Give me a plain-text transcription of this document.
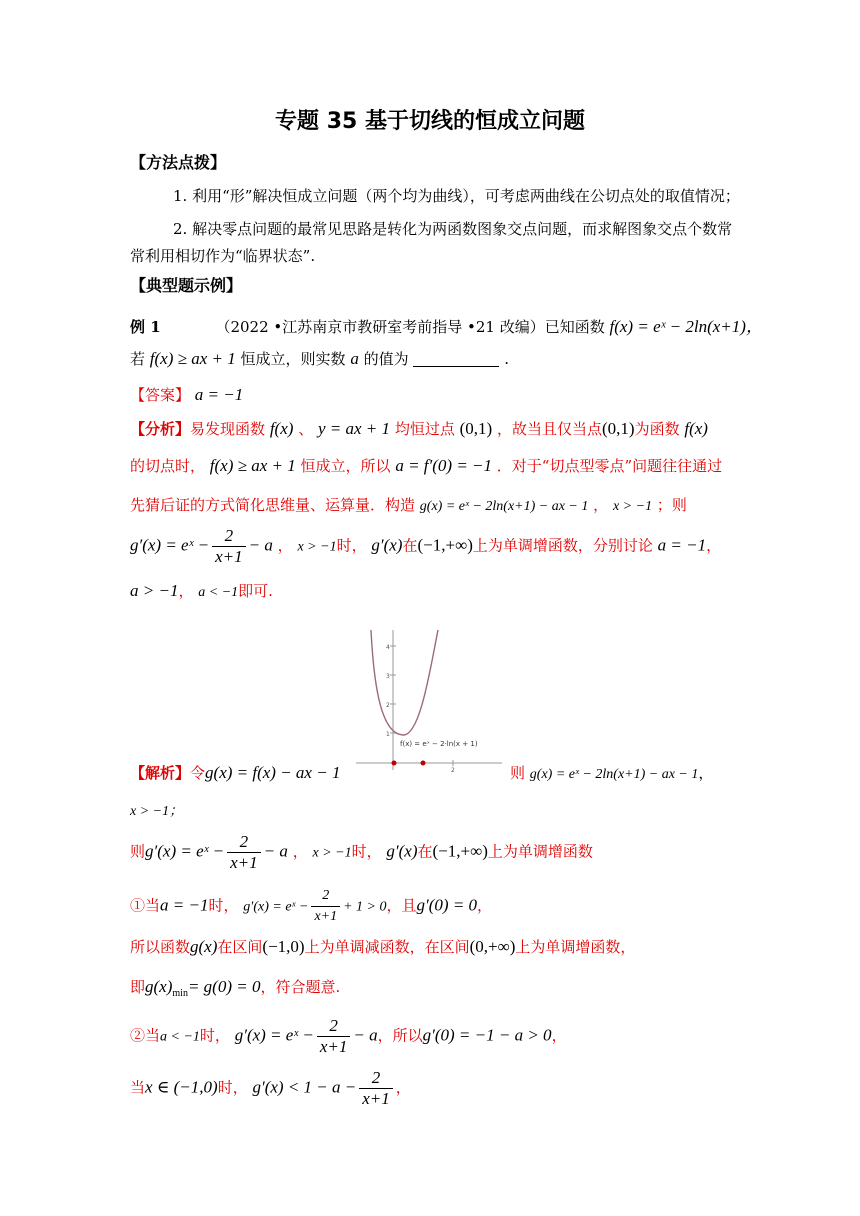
专题 35 基于切线的恒成立问题
【方法点拨】
1. 利用“形”解决恒成立问题（两个均为曲线），可考虑两曲线在公切点处的取值情况；
2. 解决零点问题的最常见思路是转化为两函数图象交点问题，而求解图象交点个数常
常利用相切作为“临界状态”.
【典型题示例】
例 1	（2022 •江苏南京市教研室考前指导 •21 改编）已知函数 f(x) = eˣ − 2ln(x+1)，
若 f(x) ≥ ax + 1 恒成立，则实数 a 的值为	.
【答案】 a = −1
【分析】易发现函数 f(x) 、 y = ax + 1 均恒过点 (0,1) ，故当且仅当点(0,1)为函数 f(x)
的切点时， f(x) ≥ ax + 1 恒成立，所以 a = f′(0) = −1 ．对于“切点型零点”问题往往通过
先猜后证的方式简化思维量、运算量．构造 g(x) = eˣ − 2ln(x+1) − ax − 1 ， x > −1 ；则
g′(x) = eˣ − $\frac{2}{x+1} - a$ ， x > −1时， g′(x)在(−1,+∞)上为单调增函数，分别讨论 a = −1，
a > −1， a < −1即可.
4
3
2
1
2
f(x) = eˣ − 2·ln(x + 1)
【解析】令g(x) = f(x) − ax − 1	则 g(x) = eˣ − 2ln(x+1) − ax − 1，
x > −1；
则g′(x) = eˣ − $\frac{2}{x+1} - a$ ， x > −1时， g′(x)在(−1,+∞)上为单调增函数
①当a = −1时， g′(x) = eˣ − $\frac{2}{x+1} + 1 > 0$，且g′(0) = 0，
所以函数g(x)在区间(−1,0)上为单调减函数，在区间(0,+∞)上为单调增函数，
即$g(x)_{min}= g(0) = 0$，符合题意.
②当a < −1时， g′(x) = eˣ − $\frac{2}{x+1} - a$，所以g′(0) = −1 − a > 0，
当x ∈ (−1,0)时， $g'(x) < 1 - a - \frac{2}{x+1}$ ，
